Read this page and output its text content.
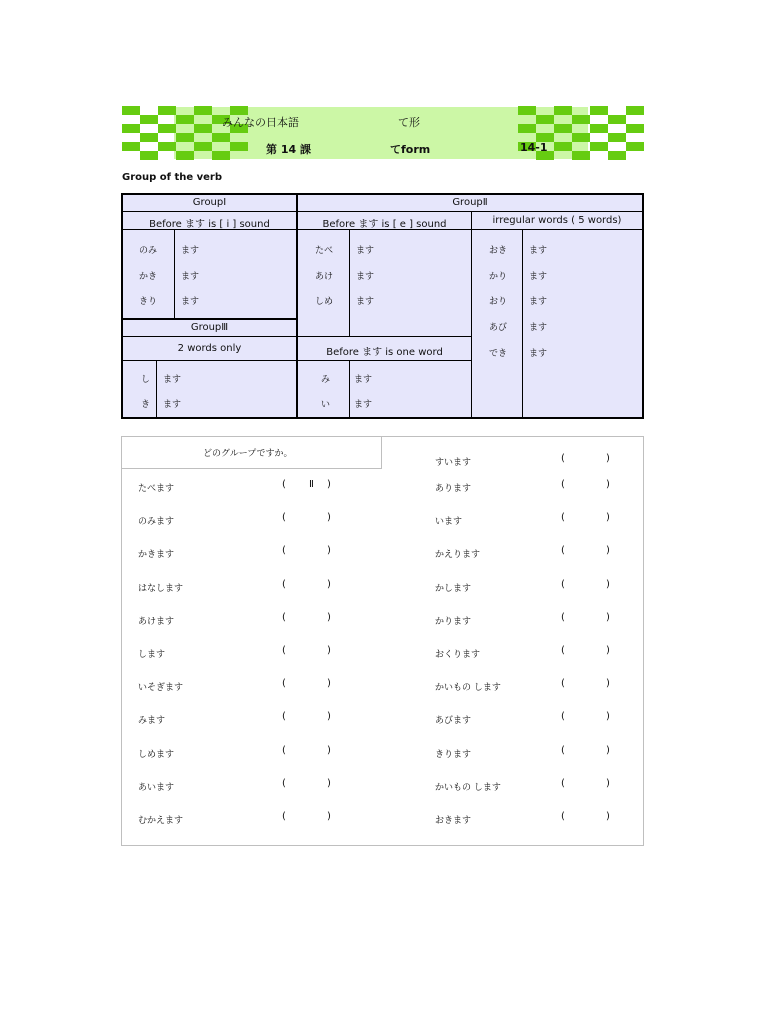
みんなの日本語	て形
第 14 課	てform	14-1
Group of the verb
GroupⅠ	GroupⅡ
Before ます is [ i ] sound	Before ます is [ e ] sound	irregular words ( 5 words)
GroupⅢ
2 words only	Before ます is one word
のみ	ます
かき	ます
きり	ます
たべ	ます
あけ	ます
しめ	ます
おき ます
かり ます
おり ます
あび ます
でき ます
し ます
き ます
み	ます
い	ます
どのグループですか。
たべます	( Ⅱ )
のみます	(	)
かきます	(	)
はなします	(	)
あけます	(	)
します	(	)
いそぎます	(	)
みます	(	)
しめます	(	)
あいます	(	)
むかえます	(	)
すいます	(	)
あります	(	)
います	(	)
かえります	(	)
かします	(	)
かります	(	)
おくります	(	)
かいもの します	(	)
あびます	(	)
きります	(	)
かいもの します	(	)
おきます	(	)
